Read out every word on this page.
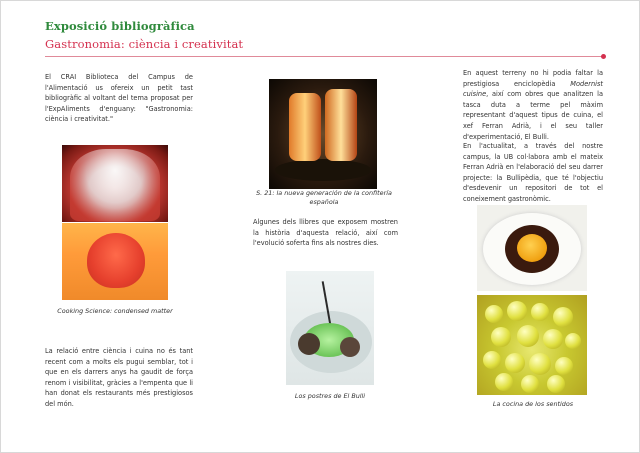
Exposició bibliogràfica
Gastronomia: ciència i creativitat

El CRAI Biblioteca del Campus de l'Alimentació us ofereix un petit tast bibliogràfic al voltant del tema proposat per l'ExpAliments d'enguany: "Gastronomia: ciència i creativitat."

Cooking Science: condensed matter

La relació entre ciència i cuina no és tant recent com a molts els pugui semblar, tot i que en els darrers anys ha gaudit de força renom i visibilitat, gràcies a l'empenta que li han donat els restaurants més prestigiosos del món.

S. 21: la nueva generación de la confitería española

Algunes dels llibres que exposem mostren la història d'aquesta relació, així com l'evolució soferta fins als nostres dies.

Los postres de El Bulli

En aquest terreny no hi podia faltar la prestigiosa enciclopèdia Modernist cuisine, així com obres que analitzen la tasca duta a terme pel màxim representant d'aquest tipus de cuina, el xef Ferran Adrià, i el seu taller d'experimentació, El Bulli.

En l'actualitat, a través del nostre campus, la UB col·labora amb el mateix Ferran Adrià en l'elaboració del seu darrer projecte: la Bullipèdia, que té l'objectiu d'esdevenir un repositori de tot el coneixement gastronòmic.

La cocina de los sentidos
